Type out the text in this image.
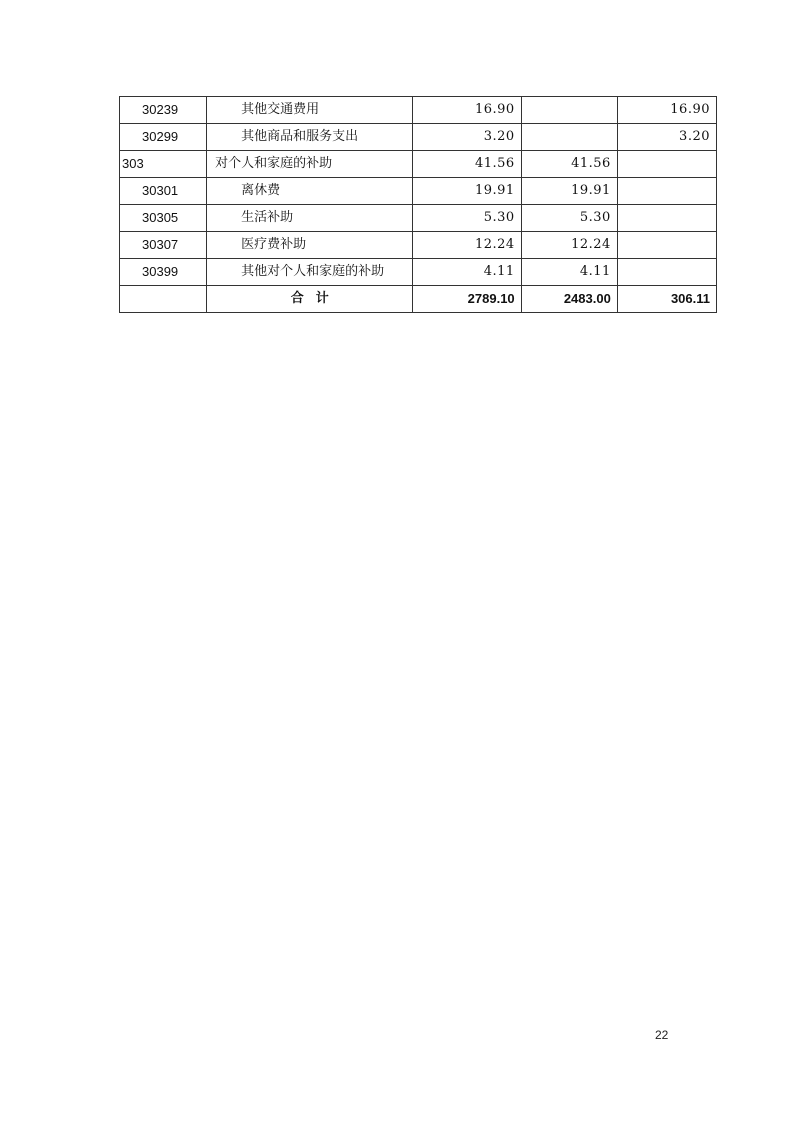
30239	其他交通费用	16.90		16.90
30299	其他商品和服务支出	3.20		3.20
303	对个人和家庭的补助	41.56	41.56	
30301	离休费	19.91	19.91	
30305	生活补助	5.30	5.30	
30307	医疗费补助	12.24	12.24	
30399	其他对个人和家庭的补助	4.11	4.11	
	合计	2789.10	2483.00	306.11
22
